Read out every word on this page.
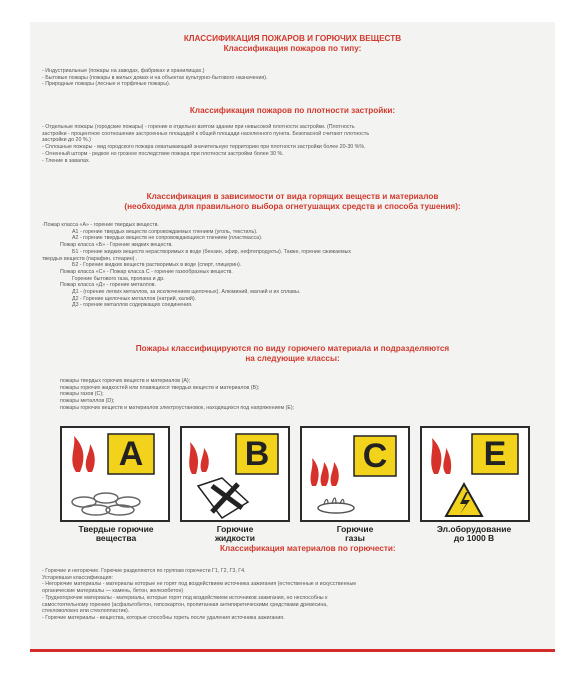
КЛАССИФИКАЦИЯ ПОЖАРОВ И ГОРЮЧИХ ВЕЩЕСТВ

Классификация пожаров по типу:

- Индустриальные (пожары на заводах, фабриках и хранилищах.)

- Бытовые пожары (пожары в жилых домах и на объектах культурно-бытового назначения).

- Природные пожары (лесные и торфяные пожары).

Классификация пожаров по плотности застройки:

- Отдельные пожары (городские пожары) - горение в отдельно взятом здании при невысокой плотности застройки. (Плотность

застройки - процентное соотношение застроенных площадей к общей площади населенного пункта. Безопасной считают плотность

застройки до 20 %.)

- Сплошные пожары - вид городского пожара охватывающий значительную территорию при плотности застройки более 20-30 %%.

- Огненный шторм - редкое но грозное последствие пожара при плотности застройки более 30 %.

- Тление в завалах.

Классификация в зависимости от вида горящих веществ и материалов

(необходима для правильного выбора огнетушащих средств и способа тушения):

·Пожар класса «А» - горение твердых веществ.

А1 - горение твердых веществ сопровождаемых тлением (уголь, текстиль).

А2 - горение твердых веществ не сопровождающихся тлением (пластмасса).

Пожар класса «Б» - Горение жидких веществ.

Б1 - горение жидких веществ нерастворимых в воде (бензин, эфир, нефтепродукты). Также, горение сжижаемых

твердых веществ (парафин, стеарин) .

Б2 - Горение жидких веществ растворимых в воде (спирт, глицерин).

Пожар класса «С» - Пожар класса С - горение газообразных веществ.

Горение бытового газа, пропана и др.

Пожар класса «Д» - горение металлов.

Д1 - (горение легких металлов, за исключением щелочных). Алюминий, магний и их сплавы.

Д2 - Горение щелочных металлов (натрий, калий).

Д3 - горение металлов содержащих соединения.

Пожары классифицируются по виду горючего материала и подразделяются

на следующие классы:

пожары твердых горючих веществ и материалов (A);

пожары горючих жидкостей или плавящихся твердых веществ и материалов (B);

пожары газов (C);

пожары металлов (D);

пожары горючих веществ и материалов электроустановок, находящихся под напряжением (E);

A	B	C	E
Твердые горючие
вещества
Горючие
жидкости
Горючие
газы
Эл.оборудование
до 1000 В

Классификация материалов по горючести:

- Горючие и негорючие. Горючие разделяются по группам горючести Г1, Г2, Г3, Г4.

Устаревшая классификация:

- Негорючие материалы - материалы которые не горят под воздействием источника зажигания (естественные и искусственные

органические материалы — камень, бетон, железобетон)

- Трудногорючие материалы - материалы, которые горят под воздействием источников зажигания, но неспособны к

самостоятельному горению (асфальтобетон, гипсокартон, пропитанная антипиретическими средствами древесина,

стекловолокно или стеклопластик).

- Горючие материалы - вещества, которые способны гореть после удаления источника зажигания.
